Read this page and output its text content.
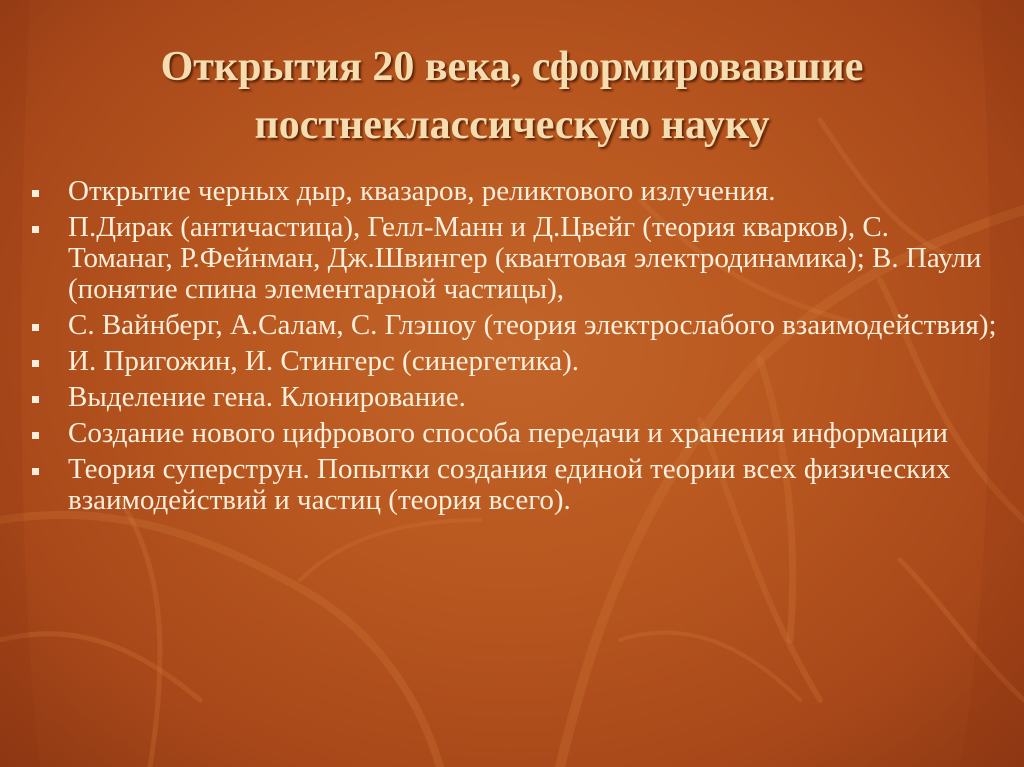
Открытия 20 века, сформировавшие
постнеклассическую науку
Открытие черных дыр, квазаров, реликтового излучения.
П.Дирак (античастица), Гелл-Манн и Д.Цвейг (теория кварков), С. Томанаг, Р.Фейнман, Дж.Швингер (квантовая электродинамика); В. Паули (понятие спина элементарной частицы),
С. Вайнберг, А.Салам, С. Глэшоу (теория электрослабого взаимодействия);
И. Пригожин, И. Стингерс (синергетика).
Выделение гена. Клонирование.
Создание нового цифрового способа передачи и хранения информации
Теория суперструн. Попытки создания единой теории всех физических взаимодействий и частиц (теория всего).
